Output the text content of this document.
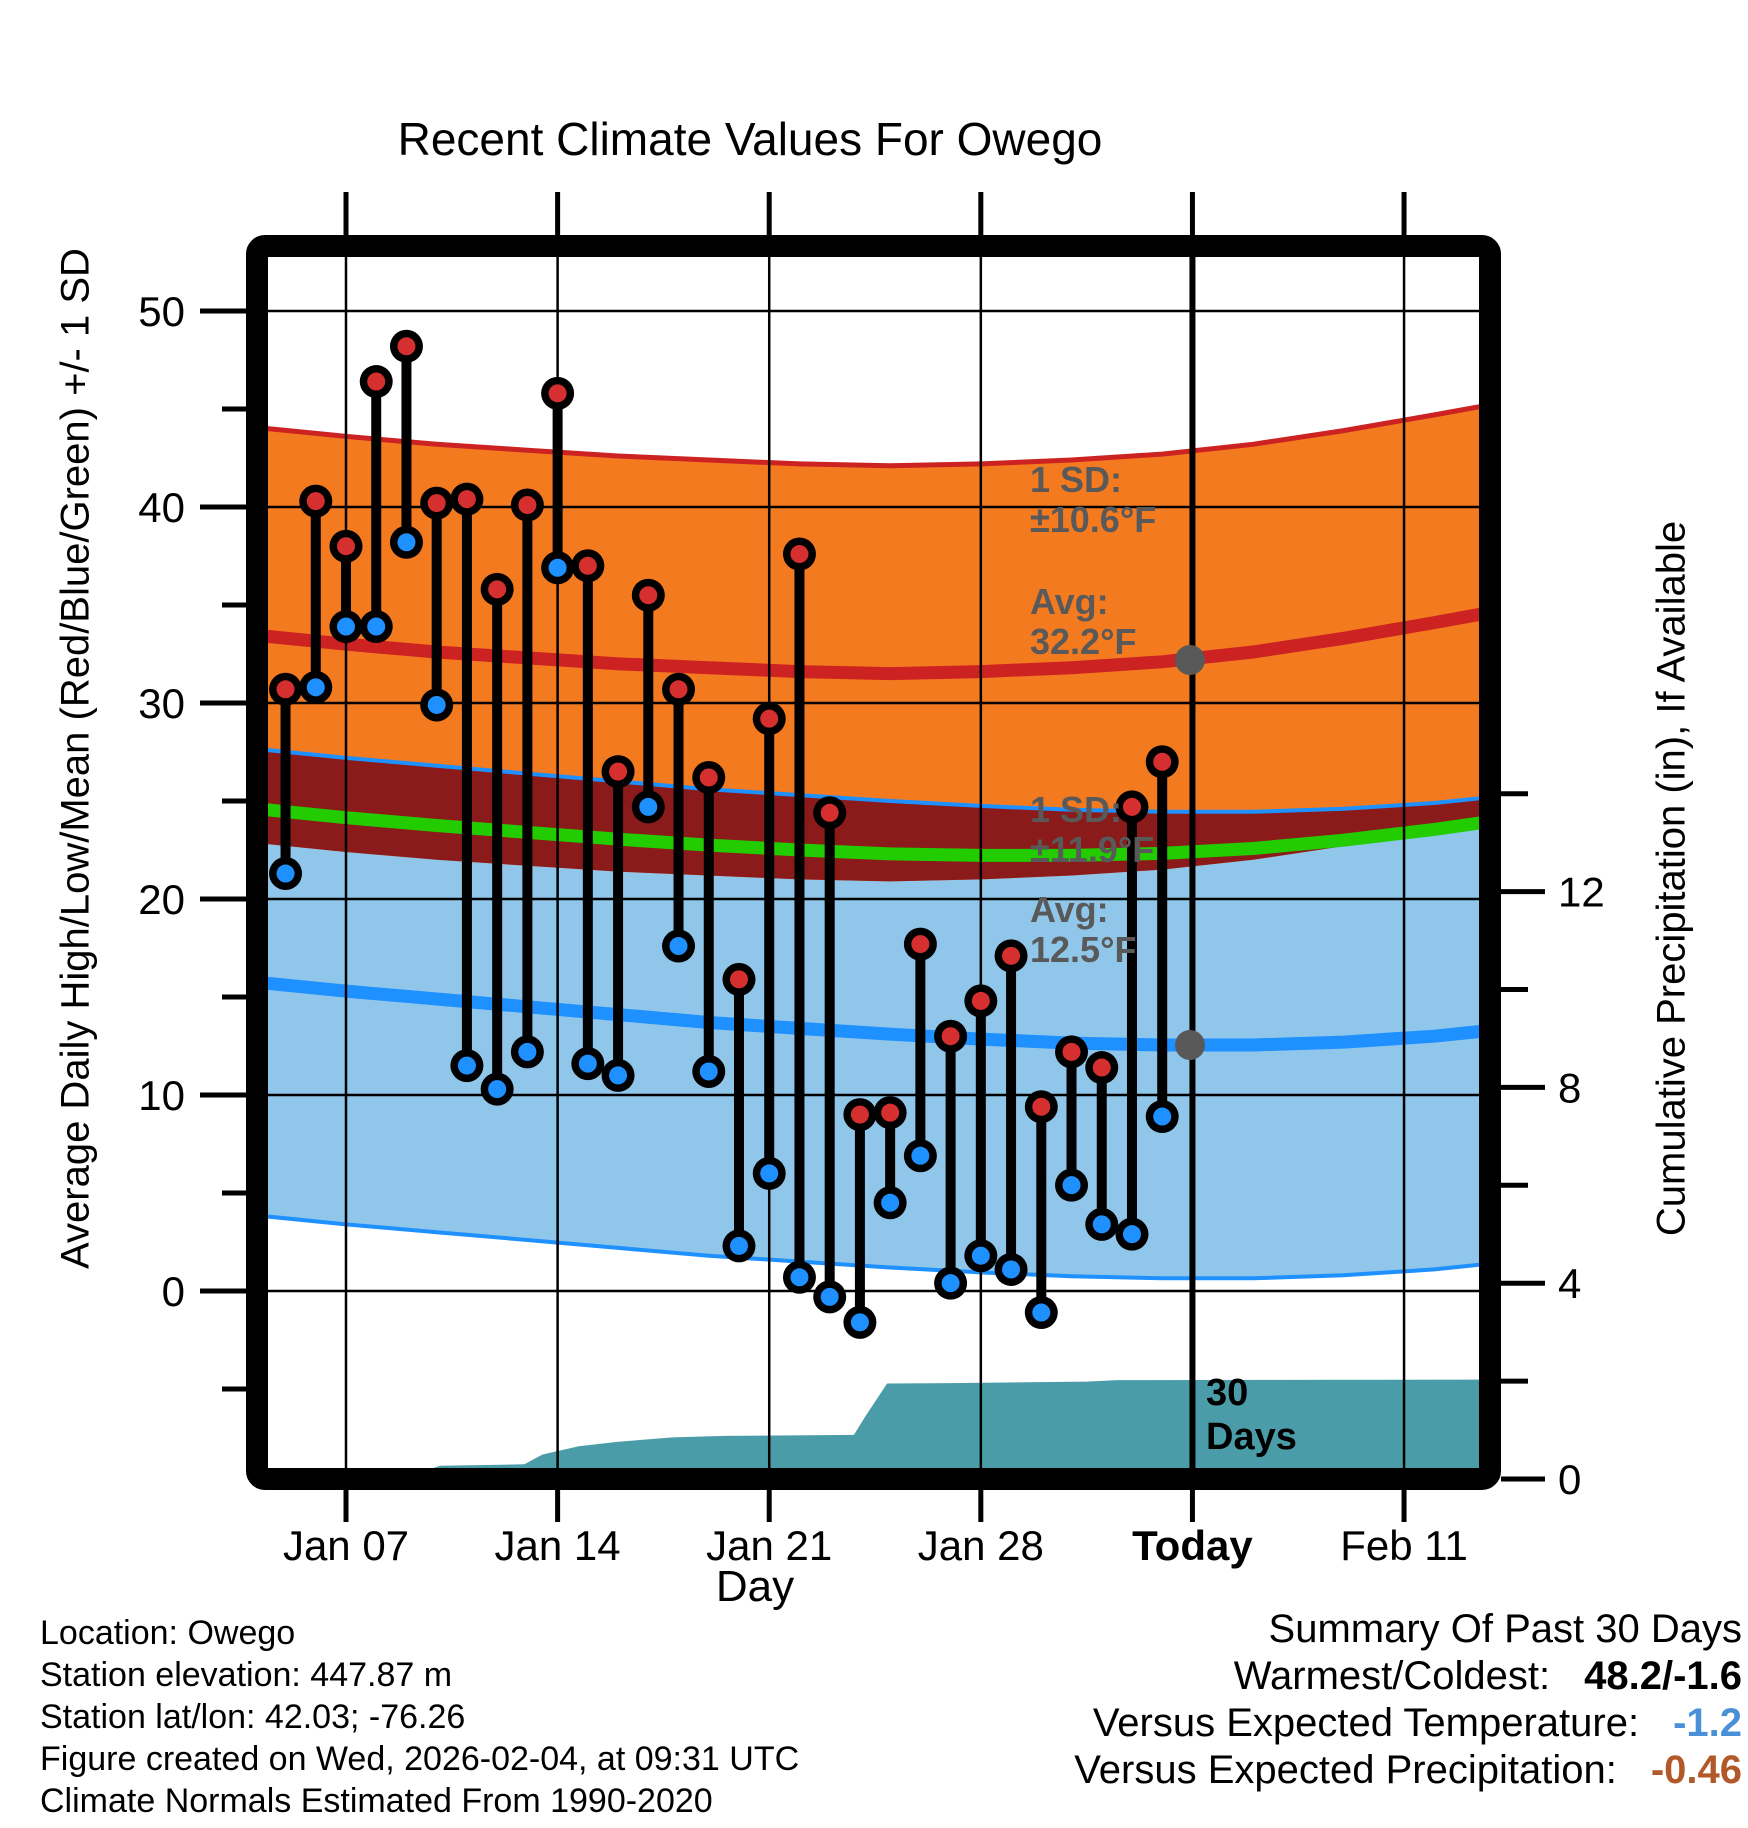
Jan 07 Jan 14 Jan 21 Jan 28 Today Feb 11
50
40
30
20
10
0
12
8
4
0
Recent Climate Values For Owego
Average Daily High/Low/Mean (Red/Blue/Green) +/- 1 SD	Cumulative Precipitation (in), If Available
Day
1 SD:
±10.6°F
Avg:
32.2°F
1 SD:
±11.9°F
Avg:
12.5°F
30
Days
Location: Owego
Station elevation: 447.87 m
Station lat/lon: 42.03; -76.26
Figure created on Wed, 2026-02-04, at 09:31 UTC
Climate Normals Estimated From 1990-2020
Summary Of Past 30 Days
Warmest/Coldest: 48.2/-1.6
Versus Expected Temperature: -1.2
Versus Expected Precipitation: -0.46
